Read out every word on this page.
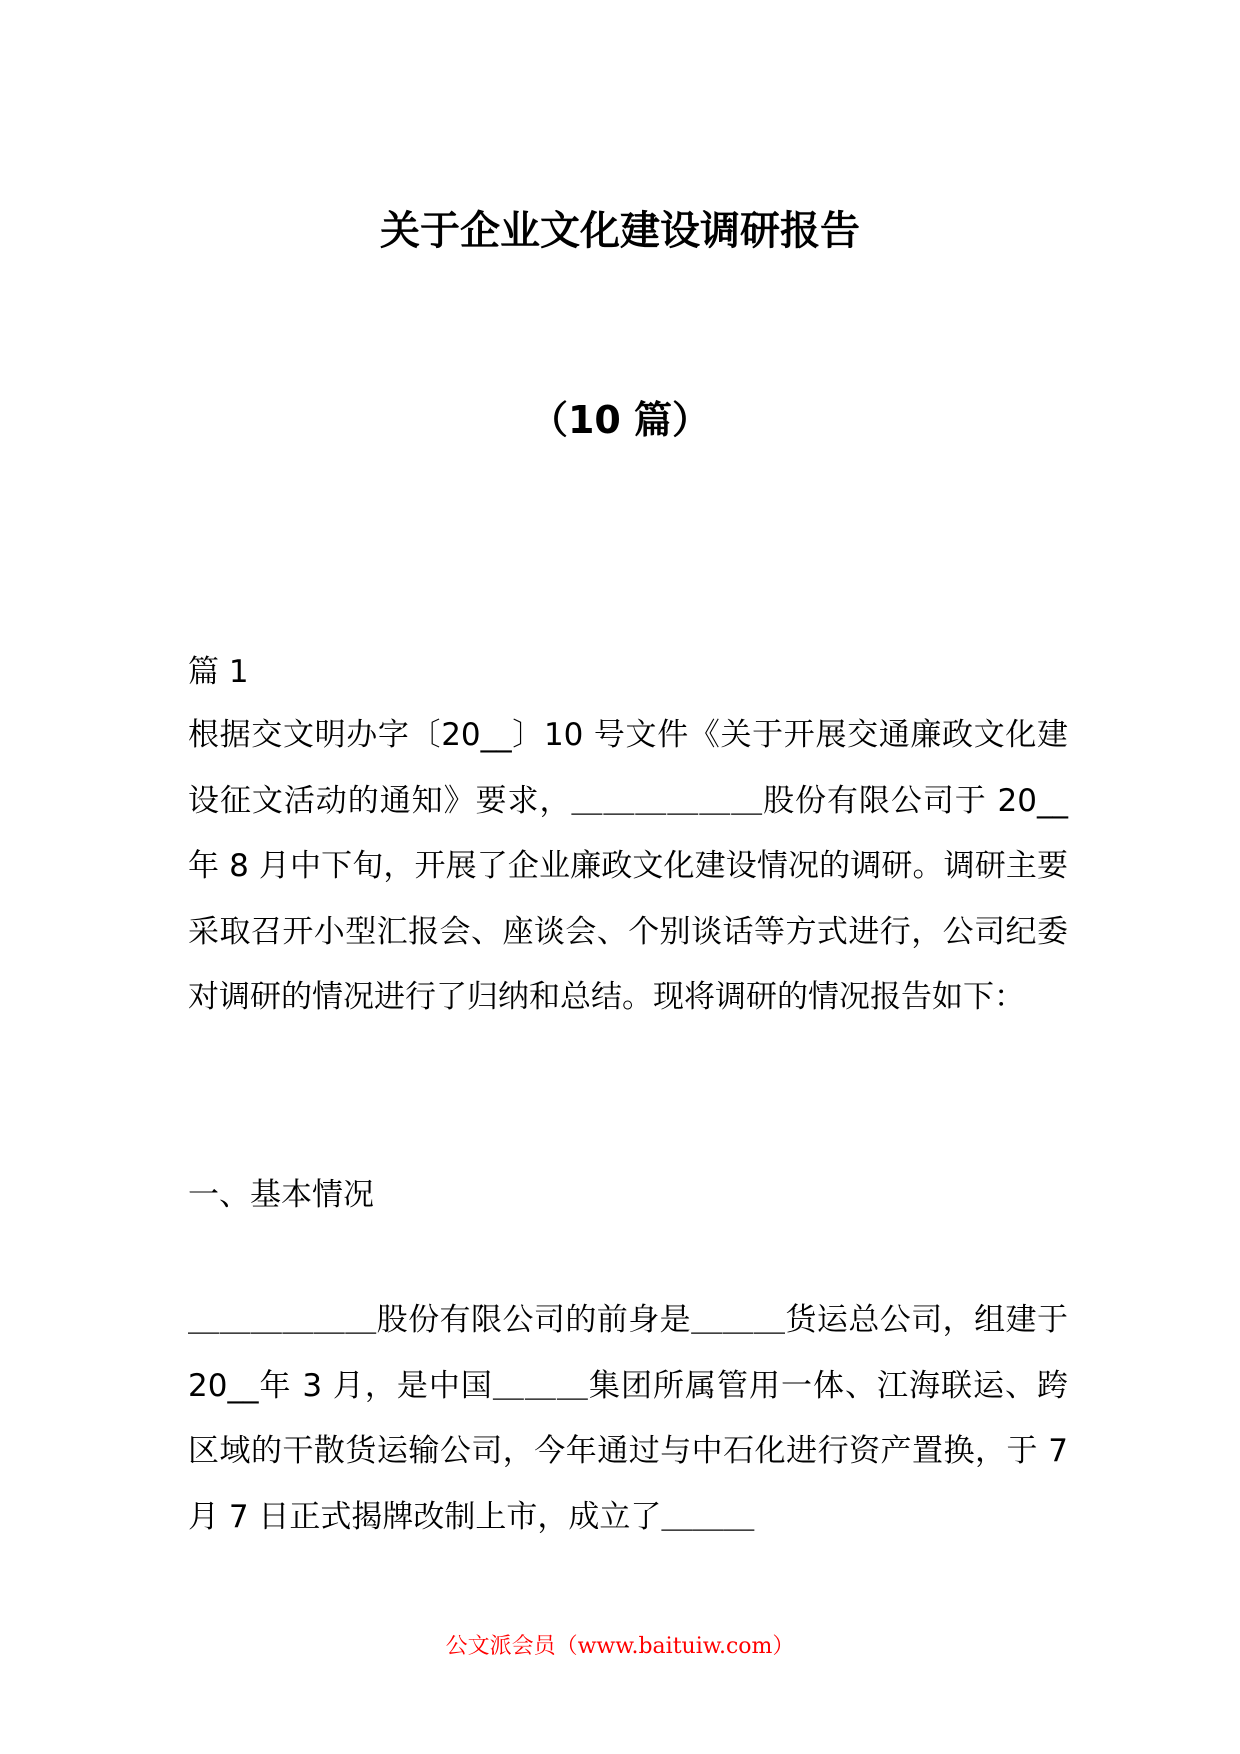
关于企业文化建设调研报告
（10 篇）
篇 1
根据交文明办字〔20__〕10 号文件《关于开展交通廉政文化建设征文活动的通知》要求，＿＿＿＿＿＿股份有限公司于 20__年 8 月中下旬，开展了企业廉政文化建设情况的调研。调研主要采取召开小型汇报会、座谈会、个别谈话等方式进行，公司纪委对调研的情况进行了归纳和总结。现将调研的情况报告如下：
一、基本情况
＿＿＿＿＿＿股份有限公司的前身是＿＿＿货运总公司，组建于 20__年 3 月，是中国＿＿＿集团所属管用一体、江海联运、跨区域的干散货运输公司，今年通过与中石化进行资产置换，于 7 月 7 日正式揭牌改制上市，成立了＿＿＿
公文派会员（www.baituiw.com）
